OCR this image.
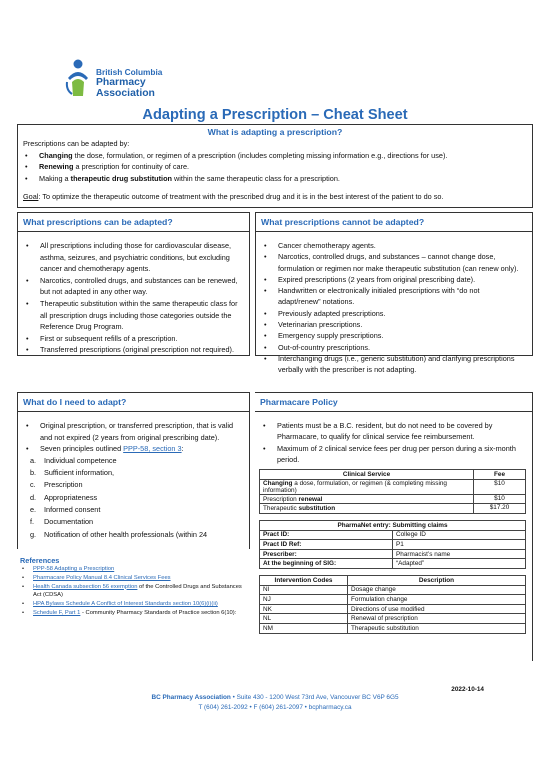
British Columbia
Pharmacy Association
Adapting a Prescription – Cheat Sheet
What is adapting a prescription?
Prescriptions can be adapted by:
• Changing the dose, formulation, or regimen of a prescription (includes completing missing information e.g., directions for use).
• Renewing a prescription for continuity of care.
• Making a therapeutic drug substitution within the same therapeutic class for a prescription.
Goal: To optimize the therapeutic outcome of treatment with the prescribed drug and it is in the best interest of the patient to do so.
What prescriptions can be adapted?
• All prescriptions including those for cardiovascular disease, asthma, seizures, and psychiatric conditions, but excluding cancer and chemotherapy agents.
• Narcotics, controlled drugs, and substances can be renewed, but not adapted in any other way.
• Therapeutic substitution within the same therapeutic class for all prescription drugs including those categories outside the Reference Drug Program.
• First or subsequent refills of a prescription.
• Transferred prescriptions (original prescription not required).
What prescriptions cannot be adapted?
• Cancer chemotherapy agents.
• Narcotics, controlled drugs, and substances – cannot change dose, formulation or regimen nor make therapeutic substitution (can renew only).
• Expired prescriptions (2 years from original prescribing date).
• Handwritten or electronically initialed prescriptions with “do not adapt/renew” notations.
• Previously adapted prescriptions.
• Veterinarian prescriptions.
• Emergency supply prescriptions.
• Out-of-country prescriptions.
• Interchanging drugs (i.e., generic substitution) and clarifying prescriptions verbally with the prescriber is not adapting.
What do I need to adapt?
• Original prescription, or transferred prescription, that is valid and not expired (2 years from original prescribing date).
• Seven principles outlined PPP-58, section 3:
a. Individual competence
b. Sufficient information,
c. Prescription
d. Appropriateness
e. Informed consent
f. Documentation
g. Notification of other health professionals (within 24
References
• PPP-58 Adapting a Prescription
• Pharmacare Policy Manual 8.4 Clinical Services Fees
• Health Canada subsection 56 exemption of the Controlled Drugs and Substances Act (CDSA)
• HPA Bylaws Schedule A Conflict of Interest Standards section 10(6)(i)(ii)
• Schedule F, Part 1 - Community Pharmacy Standards of Practice section 6(10):
Pharmacare Policy
• Patients must be a B.C. resident, but do not need to be covered by Pharmacare, to qualify for clinical service fee reimbursement.
• Maximum of 2 clinical service fees per drug per person during a six-month period.
Clinical Service	Fee
Changing a dose, formulation, or regimen (& completing missing information)	$10
Prescription renewal	$10
Therapeutic substitution	$17.20
PharmaNet entry: Submitting claims	
Pract ID:	College ID
Pract ID Ref:	P1
Prescriber:	Pharmacist’s name
At the beginning of SIG:	“Adapted”
Intervention Codes	Description
NI	Dosage change
NJ	Formulation change
NK	Directions of use modified
NL	Renewal of prescription
NM	Therapeutic substitution
2022-10-14
BC Pharmacy Association • Suite 430 - 1200 West 73rd Ave, Vancouver BC V6P 6G5
T (604) 261-2092 • F (604) 261-2097 • bcpharmacy.ca
